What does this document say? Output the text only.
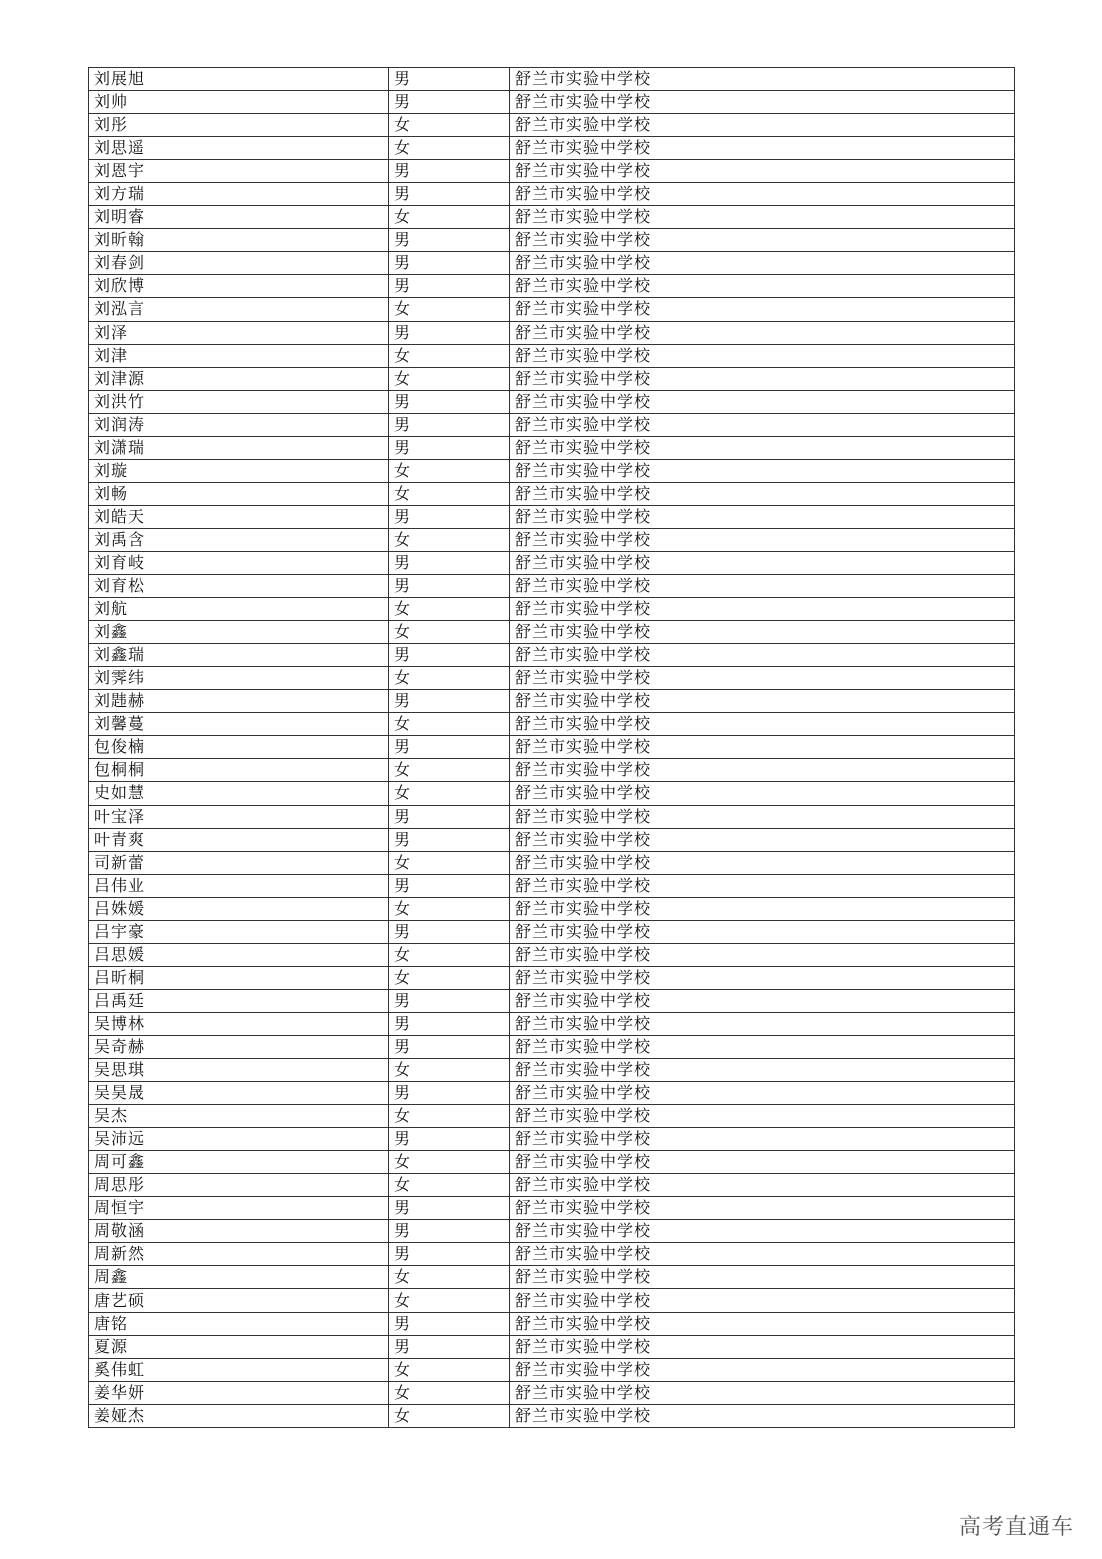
刘展旭	男	舒兰市实验中学校
刘帅	男	舒兰市实验中学校
刘彤	女	舒兰市实验中学校
刘思遥	女	舒兰市实验中学校
刘恩宇	男	舒兰市实验中学校
刘方瑞	男	舒兰市实验中学校
刘明睿	女	舒兰市实验中学校
刘昕翰	男	舒兰市实验中学校
刘春剑	男	舒兰市实验中学校
刘欣博	男	舒兰市实验中学校
刘泓言	女	舒兰市实验中学校
刘泽	男	舒兰市实验中学校
刘津	女	舒兰市实验中学校
刘津源	女	舒兰市实验中学校
刘洪竹	男	舒兰市实验中学校
刘润涛	男	舒兰市实验中学校
刘潇瑞	男	舒兰市实验中学校
刘璇	女	舒兰市实验中学校
刘畅	女	舒兰市实验中学校
刘皓天	男	舒兰市实验中学校
刘禹含	女	舒兰市实验中学校
刘育岐	男	舒兰市实验中学校
刘育松	男	舒兰市实验中学校
刘航	女	舒兰市实验中学校
刘鑫	女	舒兰市实验中学校
刘鑫瑞	男	舒兰市实验中学校
刘霁纬	女	舒兰市实验中学校
刘韪赫	男	舒兰市实验中学校
刘馨蔓	女	舒兰市实验中学校
包俊楠	男	舒兰市实验中学校
包桐桐	女	舒兰市实验中学校
史如慧	女	舒兰市实验中学校
叶宝泽	男	舒兰市实验中学校
叶青爽	男	舒兰市实验中学校
司新蕾	女	舒兰市实验中学校
吕伟业	男	舒兰市实验中学校
吕姝媛	女	舒兰市实验中学校
吕宇豪	男	舒兰市实验中学校
吕思媛	女	舒兰市实验中学校
吕昕桐	女	舒兰市实验中学校
吕禹廷	男	舒兰市实验中学校
吴博林	男	舒兰市实验中学校
吴奇赫	男	舒兰市实验中学校
吴思琪	女	舒兰市实验中学校
吴昊晟	男	舒兰市实验中学校
吴杰	女	舒兰市实验中学校
吴沛远	男	舒兰市实验中学校
周可鑫	女	舒兰市实验中学校
周思彤	女	舒兰市实验中学校
周恒宇	男	舒兰市实验中学校
周敬涵	男	舒兰市实验中学校
周新然	男	舒兰市实验中学校
周鑫	女	舒兰市实验中学校
唐艺硕	女	舒兰市实验中学校
唐铭	男	舒兰市实验中学校
夏源	男	舒兰市实验中学校
奚伟虹	女	舒兰市实验中学校
姜华妍	女	舒兰市实验中学校
姜娅杰	女	舒兰市实验中学校
高考直通车
